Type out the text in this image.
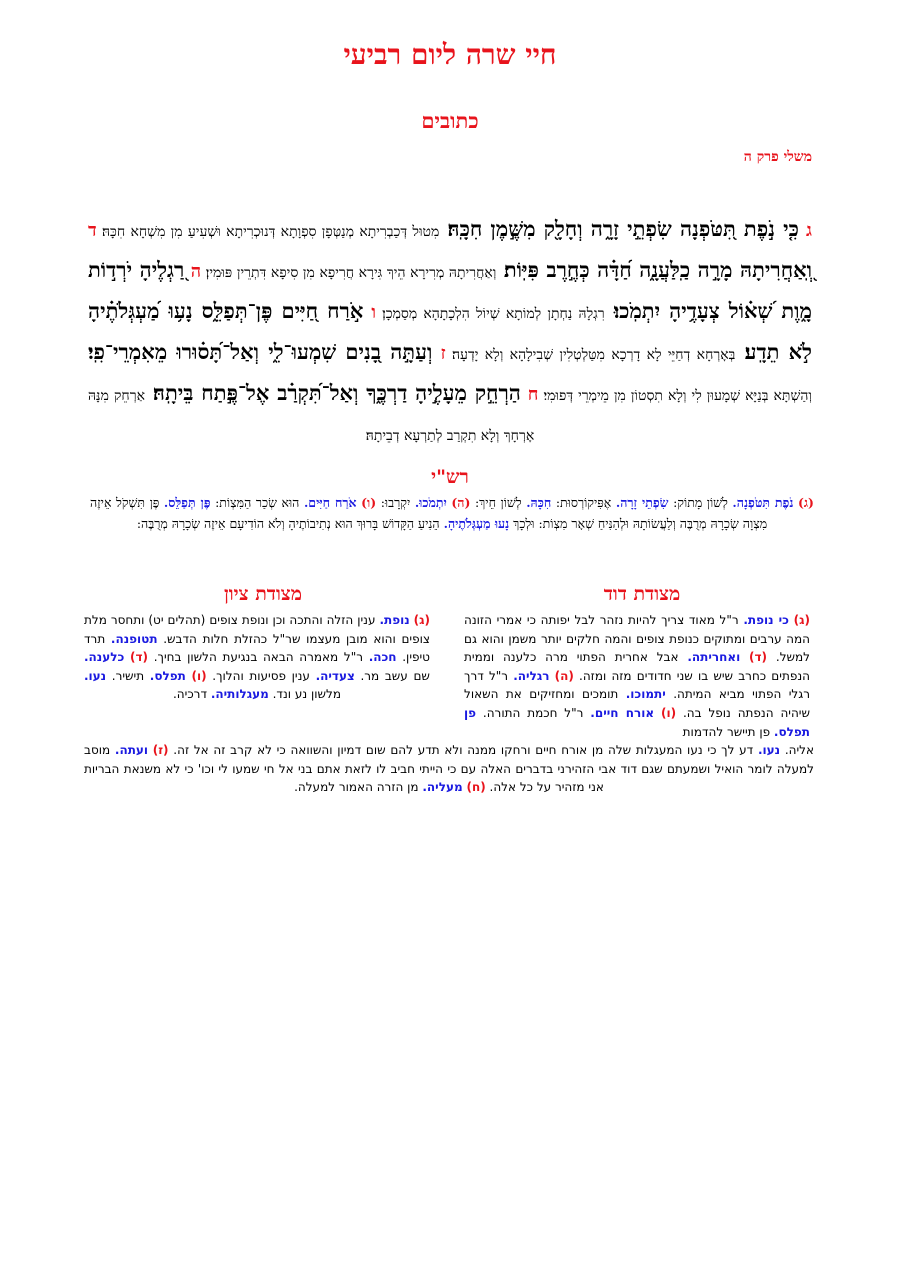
חיי שרה ליום רביעי
כתובים
משלי פרק ה
ג כִּ֤י נֹ֣פֶת תִּ֭טֹּפְנָה שִׂפְתֵ֣י זָרָ֑ה וְחָלָ֖ק מִשֶּׁ֣מֶן חִכָּֽהּ׃ מִטוּל דְּכַבְרִיתָא מְנַטְּפָן סִפְוָתָא דְּנוּכְרִיתָא וּשְׁעִיעַ מִן מִשְׁחָא חִכָּהּ׃ ד וְֽ֭אַחֲרִיתָהּ מָרָ֣ה כַֽלַּעֲנָ֑ה חַ֝דָּ֗ה כְּחֶ֣רֶב פִּיּֽוֹת׃ וְאַחֲרִיתָהּ מְרִירָא הֵיךְ גִּירָא חֲרִיפָא מִן סִיפָא דִּתְרֵין פּוּמִין׃ ה רַ֭גְלֶיהָ יֹרְד֣וֹת מָ֑וֶת שְׁ֝א֗וֹל צְעָדֶ֥יהָ יִתְמֹֽכוּ׃ רִגְלָהּ נַחְתָן לְמוֹתָא שְׁיוֹל הִלְכָתָהָא מְסַמְכָן׃ ו אֹ֣רַח חַ֭יִּים פֶּן־תְּפַלֵּ֑ס נָע֥וּ מַ֝עְגְּלֹתֶ֗יהָ לֹ֣א תֵדָֽע׃ בְּאָרְחָא דְחַיֵּי לָא דָרְכָא מִטַּלְטְלִין שְׁבִילָהָא וְלָא יָדְעָה׃ ז וְעַתָּ֣ה בָ֭נִים שִׁמְעוּ־לִ֑י וְאַל־תָּ֝ס֗וּרוּ מֵאִמְרֵי־פִֽי׃ וְהַשְׁתָּא בְּנַיָּא שְׁמָעוּן לִי וְלָא תִסְטוֹן מִן מֵימְרֵי דְּפוּמִי׃ ח הַרְחֵ֣ק מֵעָלֶ֣יהָ דַרְכֶּ֑ךָ וְאַל־תִּ֝קְרַ֗ב אֶל־פֶּ֣תַח בֵּיתָֽהּ׃ אַרְחֵק מִנָּהּ אָרְחָךְ וְלָא תִקְרַב לְתַרְעָא דְבֵיתָהּ׃
רש"י
(ג) נֹפֶת תִּטֹּפְנָה. לְשׁוֹן מָתוֹק: שִׂפְתֵי זָרָה. אֶפִּיקוֹרְסוּת: חִכָּהּ. לְשׁוֹן חֵיךְ: (ה) יִתְמֹכוּ. יִקְרָבוּ: (ו) אֹרַח חַיִּים. הוּא שְׂכַר הַמִּצְוֹת: פֶּן תְּפַלֵּס. פֶּן תִּשְׁקֹל אֵיזֶה מִצְוָה שְׂכָרָהּ מְרֻבֶּה וְלַעֲשׂוֹתָהּ וּלְהַנִּיחַ שְׁאָר מִצְוֹת: וּלְכָךְ נָעוּ מַעְגְּלֹתֶיהָ. הֵנִיעַ הַקָּדוֹשׁ בָּרוּךְ הוּא נְתִיבוֹתֶיהָ וְלֹא הוֹדִיעָם אֵיזֶה שְׂכָרָהּ מְרֻבֶּה:
מצודת דוד
מצודת ציון
(ג) כי נופת. ר"ל מאוד צריך להיות נזהר לבל יפותה כי אמרי הזונה המה ערבים ומתוקים כנופת צופים והמה חלקים יותר משמן והוא גם למשל. (ד) ואחריתה. אבל אחרית הפתוי מרה כלענה וממית הנפתים כחרב שיש בו שני חדודים מזה ומזה. (ה) רגליה. ר"ל דרך רגלי הפתוי מביא המיתה. יתמוכו. תומכים ומחזיקים את השאול שיהיה הנפתה נופל בה. (ו) אורח חיים. ר"ל חכמת התורה. פן תפלס. פן תיישר להדמות
(ג) נופת. ענין הזלה והתכה וכן ונופת צופים (תהלים יט) ותחסר מלת צופים והוא מובן מעצמו שר"ל כהזלת חלות הדבש. תטופנה. תרד טיפין. חכה. ר"ל מאמרה הבאה בנגיעת הלשון בחיך. (ד) כלענה. שם עשב מר. צעדיה. ענין פסיעות והלוך. (ו) תפלס. תישיר. נעו. מלשון נע ונד. מעגלותיה. דרכיה.
אליה. נעו. דע לך כי נעו המעגלות שלה מן אורח חיים ורחקו ממנה ולא תדע להם שום דמיון והשוואה כי לא קרב זה אל זה. (ז) ועתה. מוסב למעלה לומר הואיל ושמעתם שגם דוד אבי הזהירני בדברים האלה עם כי הייתי חביב לו לזאת אתם בני אל חי שמעו לי וכו' כי לא משנאת הבריות אני מזהיר על כל אלה. (ח) מעליה. מן הזרה האמור למעלה.
